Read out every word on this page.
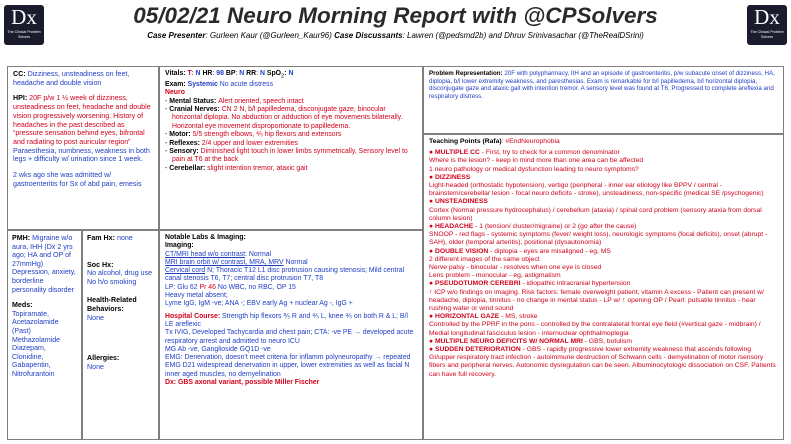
Dx
The Clinical Problem Solvers
Dx
The Clinical Problem Solvers
05/02/21 Neuro Morning Report with @CPSolvers
Case Presenter: Gurleen Kaur (@Gurleen_Kaur96) Case Discussants: Lawren (@pedsmd2b) and Dhruv Srinivasachar (@TheRealDSrini)

CC: Dizziness, unsteadiness on feet, headache and double vision

HPI: 20F p/w 1 ½ week of dizziness, unsteadiness on feet, headache and double vision progressively worsening. History of headaches in the past described as “pressure sensation behind eyes, bifrontal and radiating to post auricular region”

Paraesthesia, numbness, weakness in both legs + difficulty w/ urination since 1 week.

2 wks ago she was admitted w/ gastroenteritis for Sx of abd pain, emesis

Vitals: T: N HR: 98 BP: N RR: N SpO$_2$: N

Exam: Systemic No acute distress

Neuro

- Mental Status: Alert oriented, speech intact
- Cranial Nerves: CN 2 N, b/l papilledema, disconjugate gaze, binocular horizontal diplopia. No abduction or adduction of eye movements bilaterally. Horizontal eye movement disproportionate to papilledema.
- Motor: 5/5 strength elbows, ⅘ hip flexors and extensors
- Reflexes: 2/4 upper and lower extremities
- Sensory: Diminished light touch in lower limbs symmetrically, Sensory level to pain at T6 at the back
- Cerebellar: slight intention tremor, ataxic gait

Problem Representation: 20F with polypharmacy, IIH and an episode of gastroenteritis, p/w subacute onset of dizziness, HA, diplopia, b/l lower extremity weakness, and paresthesias. Exam is remarkable for b/l papilledema, b/l horizontal diplopia, disconjugate gaze and ataxic gait with intention tremor. A sensory level was found at T6. Progressed to complete areflexia and respiratory distress.

Teaching Points (Rafa): #EndNeurophobia

● MULTIPLE CC - First, try to check for a common denominator

Where is the lesion? - keep in mind more than one area can be affected

1 neuro pathology or medical dysfunction leading to neuro symptoms?

● DIZZINESS

Light-headed (orthostatic hypotension), vertigo (peripheral - inner ear etiology like BPPV / central - brainstem/cerebellar lesion - focal neuro deficits - stroke), unsteadiness, non-specific (medical SE /psychogenic)

● UNSTEADINESS

Cortex (Normal pressure hydrocephalus) / cerebellum (ataxia) / spinal cord problem (sensory ataxia from dorsal column lesion)

● HEADACHE - 1 (tension/ cluster/migraine) or 2 (go after the cause)

SNOOP - red flags - systemic symptoms (fever/ weight loss), neurologic symptoms (focal deficits), onset (abrupt - SAH), older (temporal arteritis), positional (dysautonomia)

● DOUBLE VISION - diplopia - eyes are misaligned - eg, MS

2 different images of the same object

Nerve palsy - binocular - resolves when one eye is closed

Lens problem - monocular - eg, astigmatism

● PSEUDOTUMOR CEREBRI - idiopathic intracranial hypertension

↑ ICP w/o findings on imaging. Risk factors: female overweight patient, vitamin A excess - Patient can present w/ headache, diplopia, tinnitus - no change in mental status - LP w/ ↑ opening OP / Pearl: pulsatile tinnitus - hear rushing water or wind sound

● HORIZONTAL GAZE - MS, stroke

Controlled by the PPRF in the pons - controlled by the contralateral frontal eye field (#vertical gaze - midbrain) / Medial longitudinal fasciculus lesion - internuclear ophthalmoplegia

● MULTIPLE NEURO DEFICITS W/ NORMAL MRI - GBS, botulism
● SUDDEN DETERIORATION - GBS - rapidly progressive lower extremity weakness that ascends following GI/upper respiratory tract infection - autoimmune destruction of Schwann cells - demyelination of motor /sensory fibers and peripheral nerves. Autonomic dysregulation can be seen. Albuminocytologic dissociation on CSF. Patients can have full recovery.

PMH: Migraine w/o aura, IHH (Dx 2 yrs ago; HA and OP of 27mmHg) Depression, anxiety, borderline personality disorder

Meds:

Topiramate, Acetazolamide (Past) Methazolamide Diazepam, Clonidine, Gabapentin, Nitrofurantoin

Fam Hx: none

Soc Hx:

No alcohol, drug use No h/o smoking

Health-Related Behaviors:

None

Allergies:

None

Notable Labs & Imaging:

Imaging:

CT/MRI head w/o contrast: Normal

MRI brain orbit w/ contrast, MRA, MRV Normal

Cervical cord N; Thoracic T12 L1 disc protrusion causing stenosis; Mild central canal stenosis T6, T7; central disc protrusion T7, T8

LP: Glu 62 Pr 46 No WBC, no RBC, OP 15

Heavy metal absent;

Lyme IgG, IgM -ve; ANA -; EBV early Ag + nuclear Ag -, IgG +

Hospital Course: Strength hip flexors ⅗ R and ⅘ L, knee ⅘ on both R & L; B/l LE areflexic

Tx IVIG, Developed Tachycardia and chest pain; CTA: -ve PE → developed acute respiratory arrest and admitted to neuro ICU

MG Ab -ve, Ganglioside GQ1D -ve

EMG: Denervation, doesn’t meet criteria for inflamm polyneuropathy → repeated EMG D21 widespread denervation in upper, lower extremities as well as facial N inner aged muscles, no demyelination

Dx: GBS axonal variant, possible Miller Fischer
